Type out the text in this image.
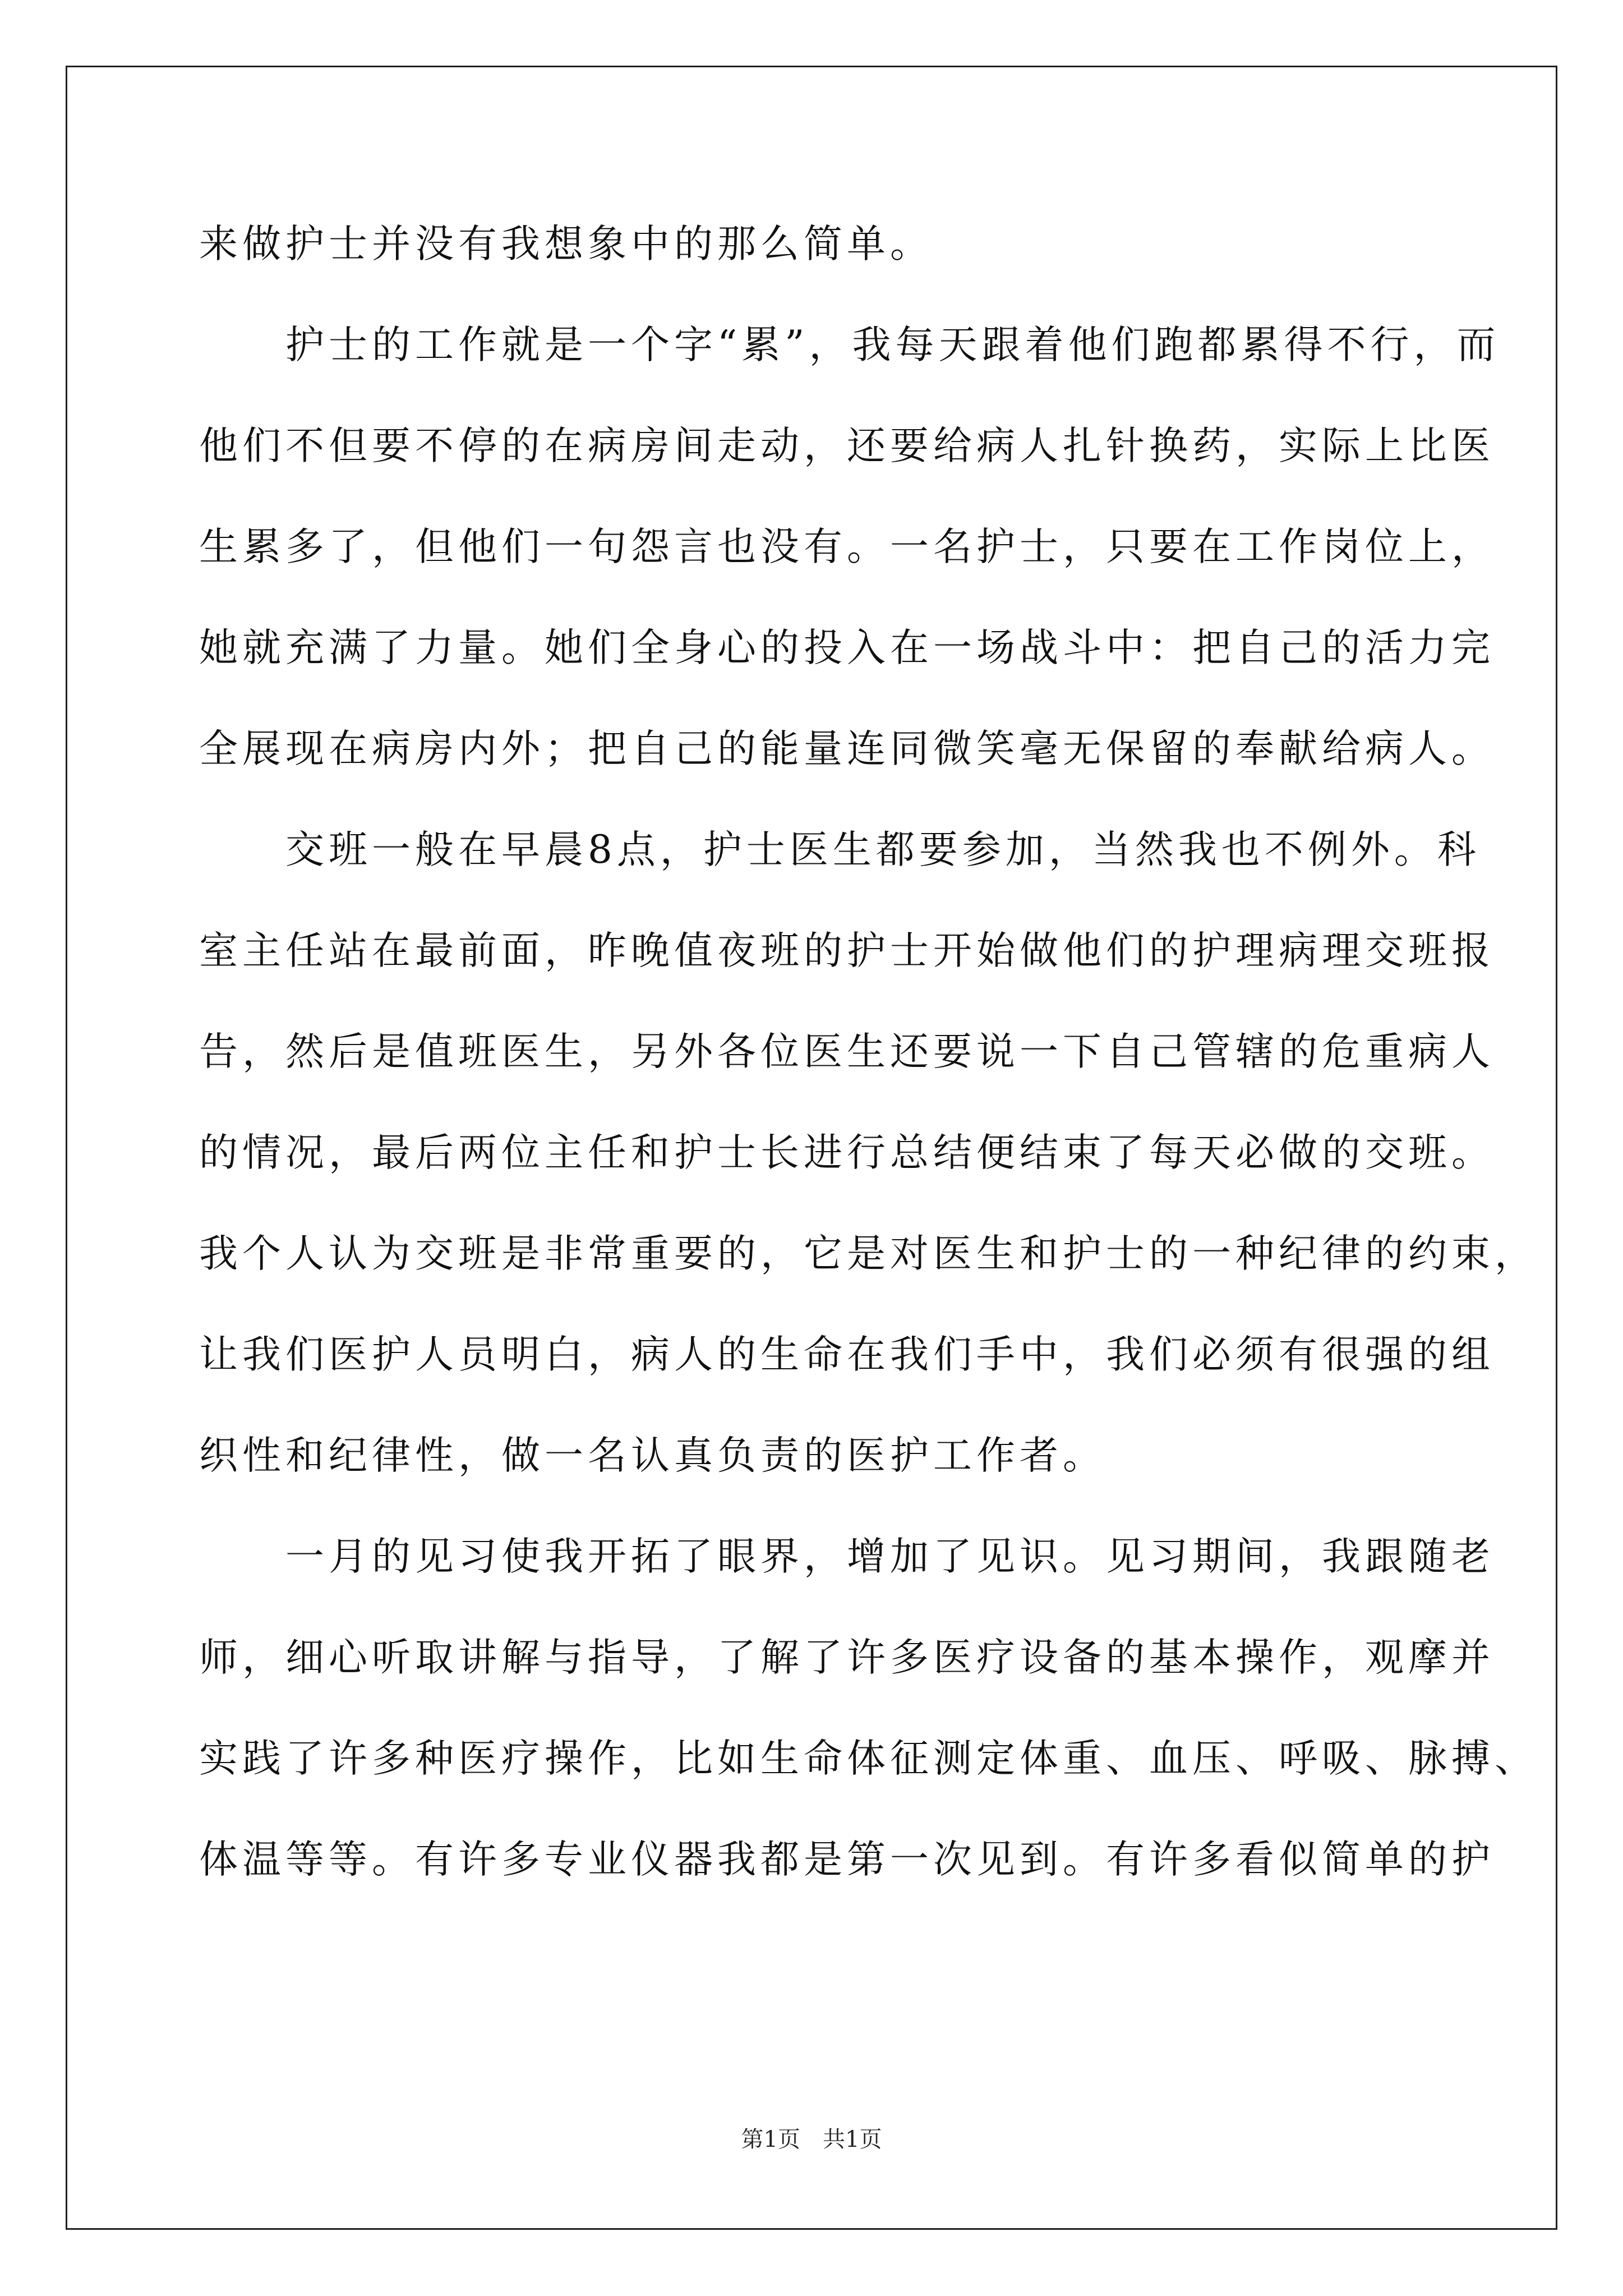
来做护士并没有我想象中的那么简单。
　　护士的工作就是一个字“累”，我每天跟着他们跑都累得不行，而
他们不但要不停的在病房间走动，还要给病人扎针换药，实际上比医
生累多了，但他们一句怨言也没有。一名护士，只要在工作岗位上，
她就充满了力量。她们全身心的投入在一场战斗中：把自己的活力完
全展现在病房内外；把自己的能量连同微笑毫无保留的奉献给病人。
　　交班一般在早晨8点，护士医生都要参加，当然我也不例外。科
室主任站在最前面，昨晚值夜班的护士开始做他们的护理病理交班报
告，然后是值班医生，另外各位医生还要说一下自己管辖的危重病人
的情况，最后两位主任和护士长进行总结便结束了每天必做的交班。
我个人认为交班是非常重要的，它是对医生和护士的一种纪律的约束，
让我们医护人员明白，病人的生命在我们手中，我们必须有很强的组
织性和纪律性，做一名认真负责的医护工作者。
　　一月的见习使我开拓了眼界，增加了见识。见习期间，我跟随老
师，细心听取讲解与指导，了解了许多医疗设备的基本操作，观摩并
实践了许多种医疗操作，比如生命体征测定体重、血压、呼吸、脉搏、
体温等等。有许多专业仪器我都是第一次见到。有许多看似简单的护
第1页　共1页
